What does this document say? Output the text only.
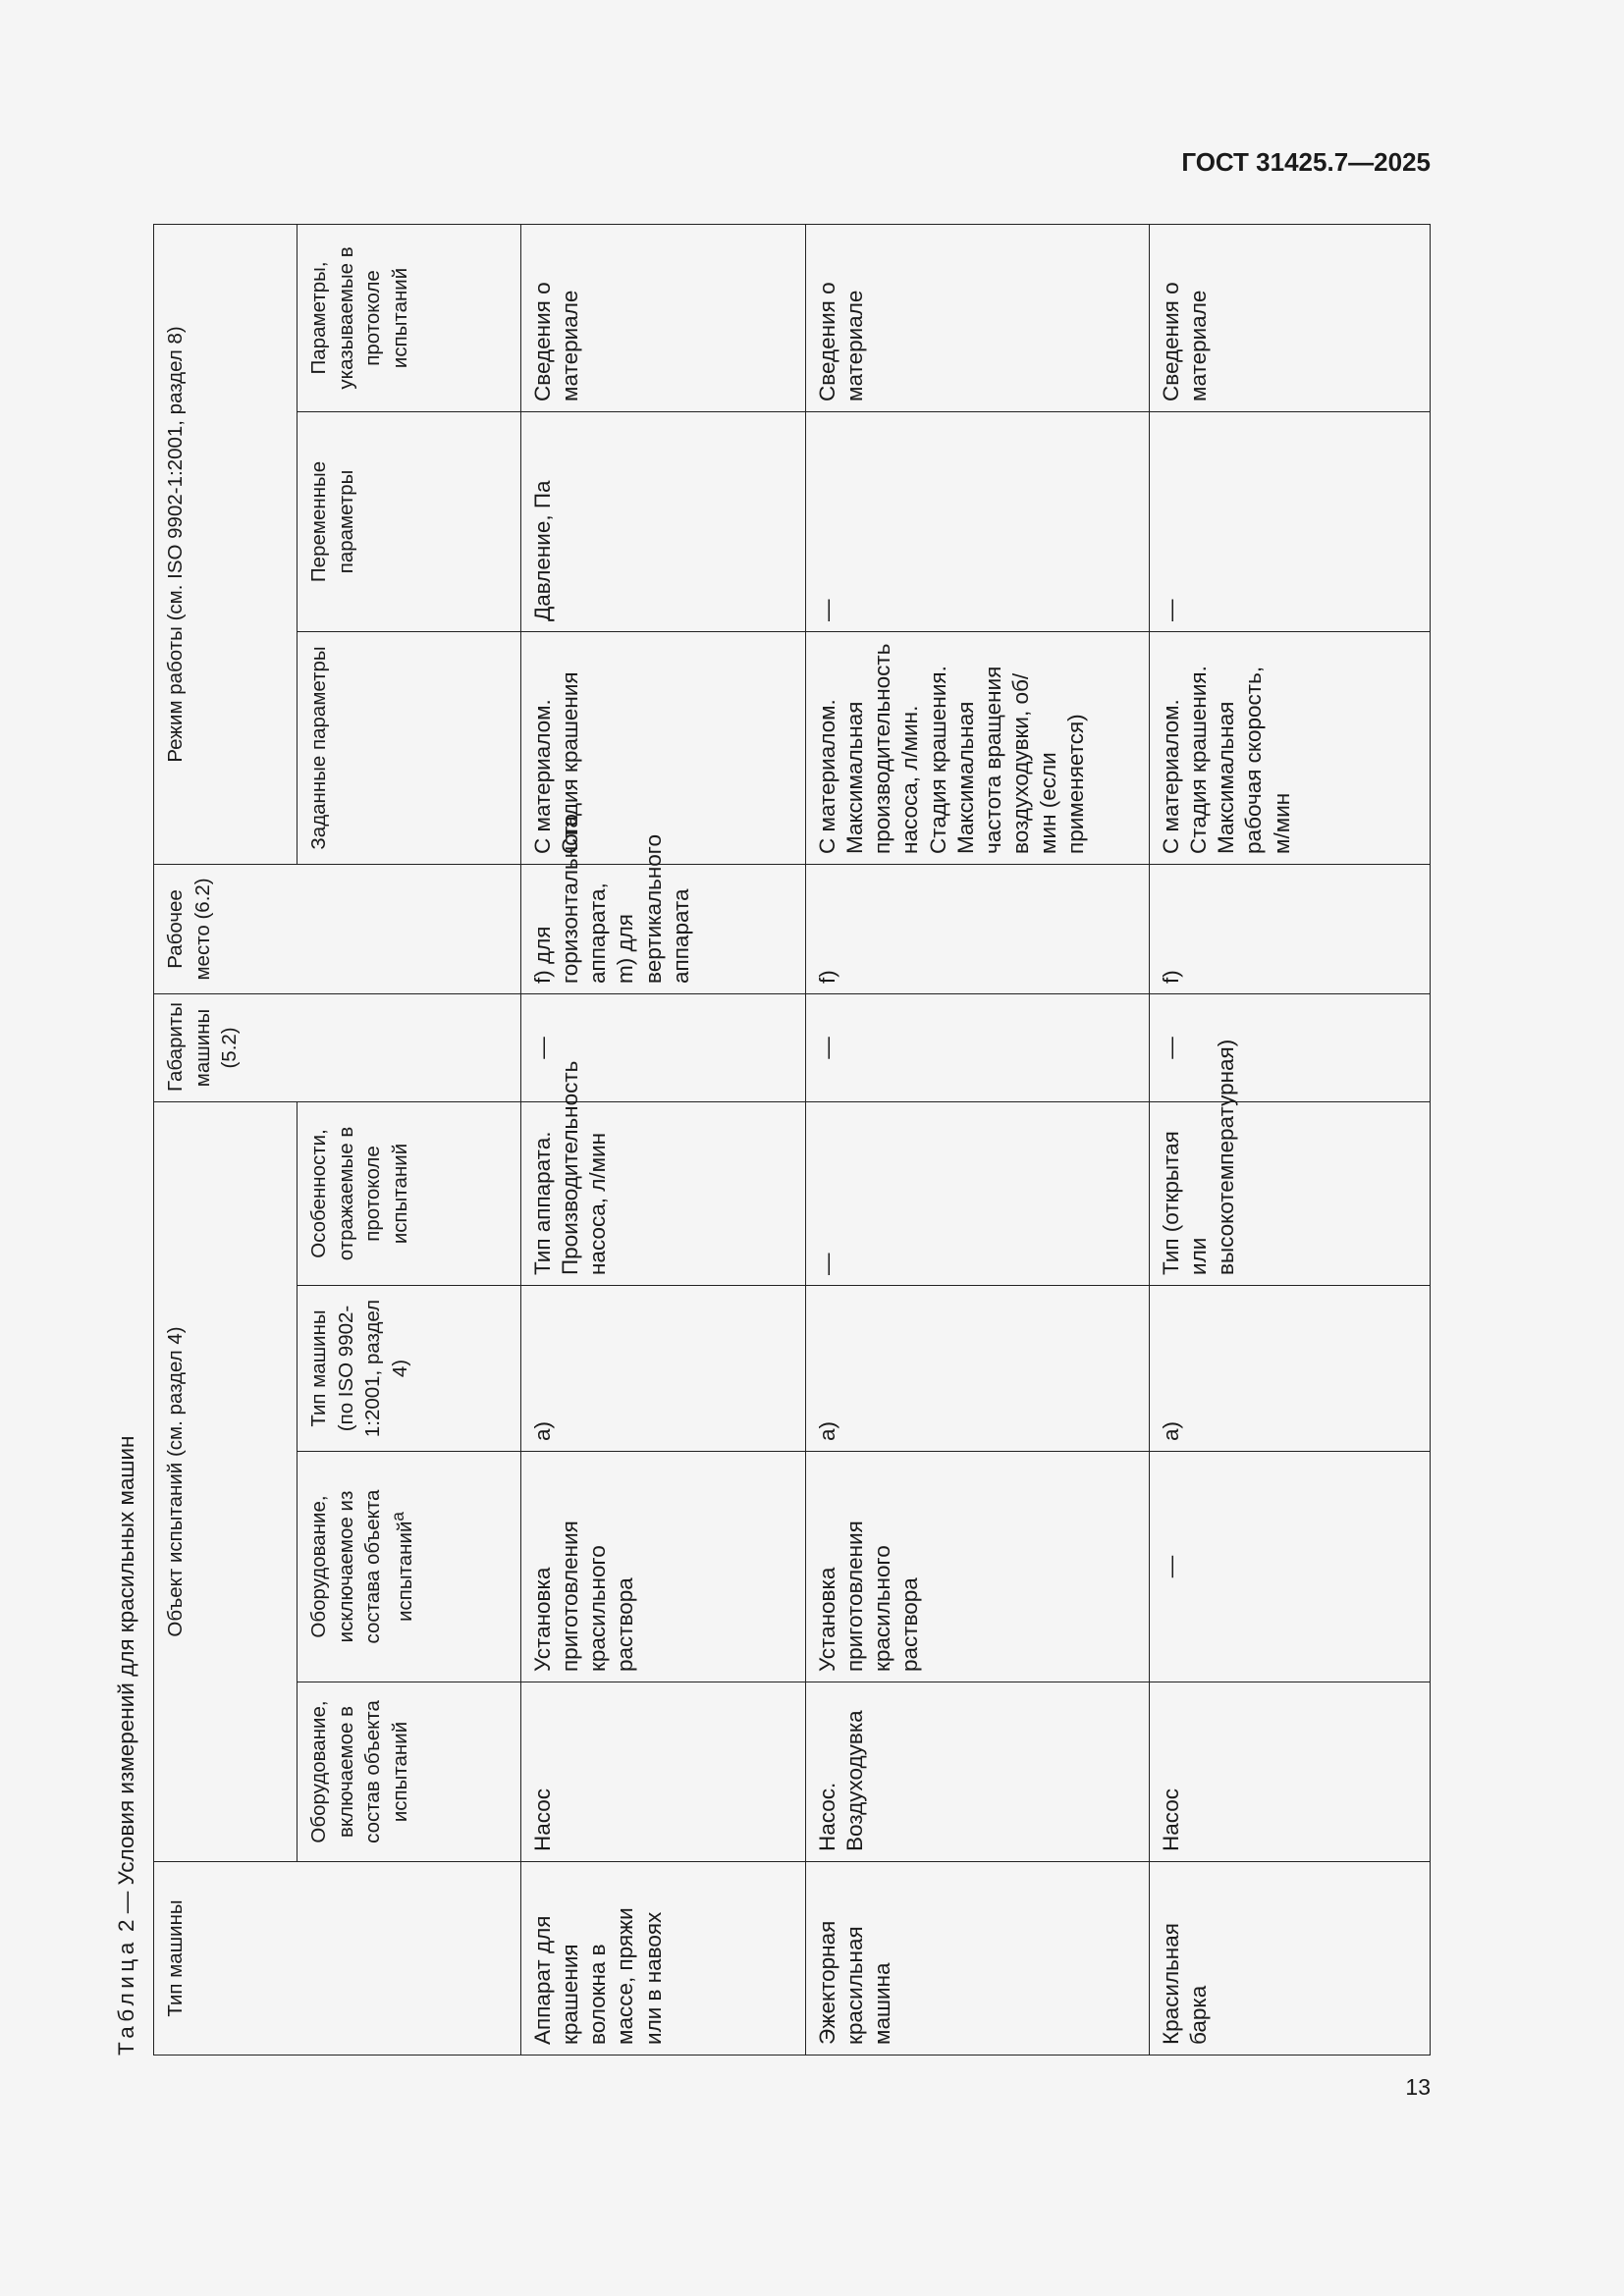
ГОСТ 31425.7—2025
Таблица 2 — Условия измерений для красильных машин
Тип машины	Объект испытаний (см. раздел 4)				Габариты машины (5.2)	Рабочее место (6.2)	Режим работы (см. ISO 9902-1:2001, раздел 8)		
	Оборудование, включаемое в состав объекта испытаний	Оборудование, исключаемое из состава объекта испытаний$^а$	Тип машины (по ISO 9902-1:2001, раздел 4)	Особенности, отражаемые в протоколе испытаний			Заданные параметры	Переменные параметры	Параметры, указываемые в протоколе испытаний
Аппарат для крашения волокна в массе, пряжи или в навоях	Насос	Установка приготовления красильного раствора	a)	Тип аппарата. Производительность насоса, л/мин	—	f) для горизонтального аппарата, m) для вертикального аппарата	С материалом. Стадия крашения	Давление, Па	Сведения о материале
Эжекторная красильная машина	Насос. Воздуходувка	Установка приготовления красильного раствора	a)	—	—	f)	С материалом. Максимальная производительность насоса, л/мин. Стадия крашения. Максимальная частота вращения воздуходувки, об/мин (если применяется)	—	Сведения о материале
Красильная барка	Насос	—	a)	Тип (открытая или высокотемпературная)	—	f)	С материалом. Стадия крашения. Максимальная рабочая скорость, м/мин	—	Сведения о материале
13
